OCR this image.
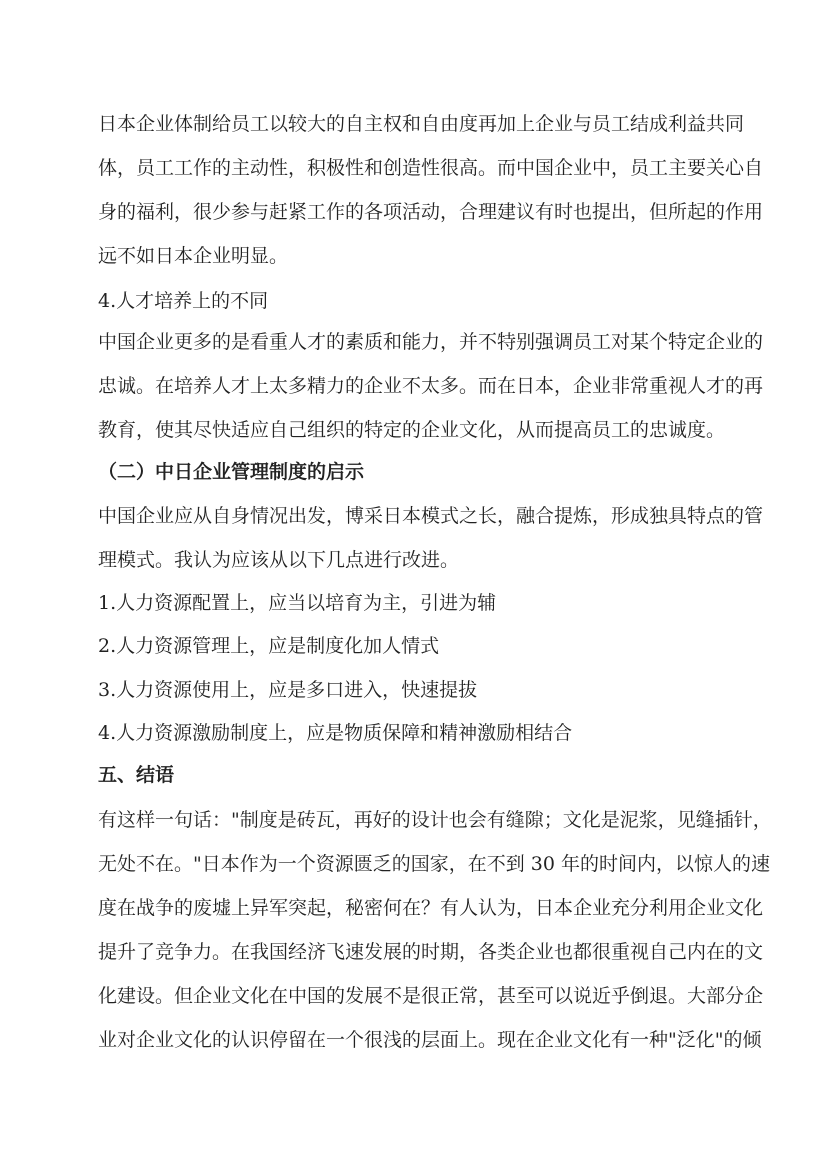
日本企业体制给员工以较大的自主权和自由度再加上企业与员工结成利益共同
体，员工工作的主动性，积极性和创造性很高。而中国企业中，员工主要关心自
身的福利，很少参与赶紧工作的各项活动，合理建议有时也提出，但所起的作用
远不如日本企业明显。
4.人才培养上的不同
中国企业更多的是看重人才的素质和能力，并不特别强调员工对某个特定企业的
忠诚。在培养人才上太多精力的企业不太多。而在日本，企业非常重视人才的再
教育，使其尽快适应自己组织的特定的企业文化，从而提高员工的忠诚度。
（二）中日企业管理制度的启示
中国企业应从自身情况出发，博采日本模式之长，融合提炼，形成独具特点的管
理模式。我认为应该从以下几点进行改进。
1.人力资源配置上，应当以培育为主，引进为辅
2.人力资源管理上，应是制度化加人情式
3.人力资源使用上，应是多口进入，快速提拔
4.人力资源激励制度上，应是物质保障和精神激励相结合
五、结语
有这样一句话："制度是砖瓦，再好的设计也会有缝隙；文化是泥浆，见缝插针，
无处不在。"日本作为一个资源匮乏的国家，在不到 30 年的时间内，以惊人的速
度在战争的废墟上异军突起，秘密何在？有人认为，日本企业充分利用企业文化
提升了竞争力。在我国经济飞速发展的时期，各类企业也都很重视自己内在的文
化建设。但企业文化在中国的发展不是很正常，甚至可以说近乎倒退。大部分企
业对企业文化的认识停留在一个很浅的层面上。现在企业文化有一种"泛化"的倾
